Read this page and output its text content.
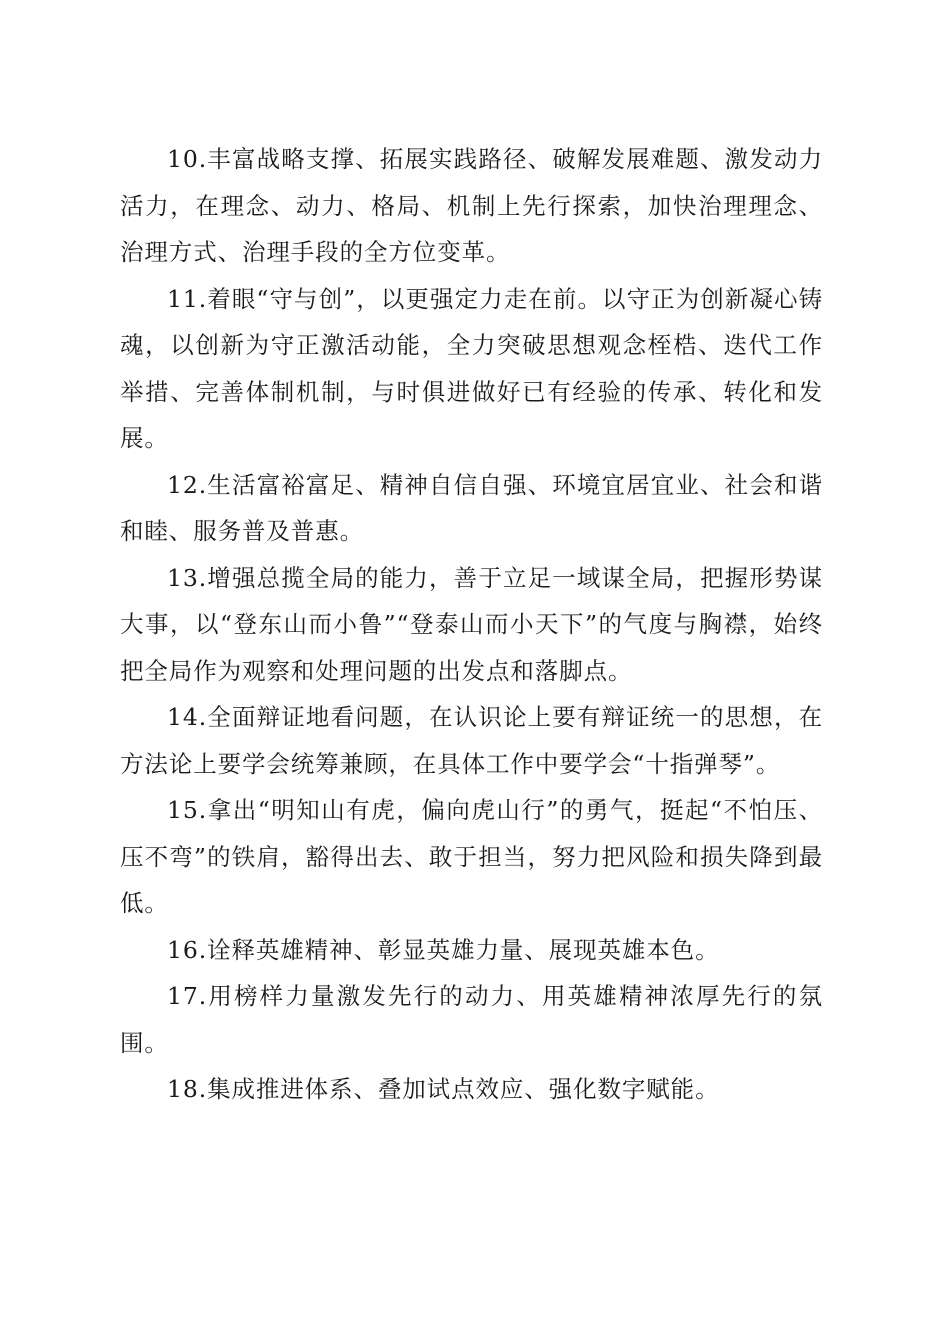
10.丰富战略支撑、拓展实践路径、破解发展难题、激发动力活力，在理念、动力、格局、机制上先行探索，加快治理理念、治理方式、治理手段的全方位变革。

11.着眼“守与创”，以更强定力走在前。以守正为创新凝心铸魂，以创新为守正激活动能，全力突破思想观念桎梏、迭代工作举措、完善体制机制，与时俱进做好已有经验的传承、转化和发展。

12.生活富裕富足、精神自信自强、环境宜居宜业、社会和谐和睦、服务普及普惠。

13.增强总揽全局的能力，善于立足一域谋全局，把握形势谋大事，以“登东山而小鲁”“登泰山而小天下”的气度与胸襟，始终把全局作为观察和处理问题的出发点和落脚点。

14.全面辩证地看问题，在认识论上要有辩证统一的思想，在方法论上要学会统筹兼顾，在具体工作中要学会“十指弹琴”。

15.拿出“明知山有虎，偏向虎山行”的勇气，挺起“不怕压、压不弯”的铁肩，豁得出去、敢于担当，努力把风险和损失降到最低。

16.诠释英雄精神、彰显英雄力量、展现英雄本色。

17.用榜样力量激发先行的动力、用英雄精神浓厚先行的氛围。

18.集成推进体系、叠加试点效应、强化数字赋能。
